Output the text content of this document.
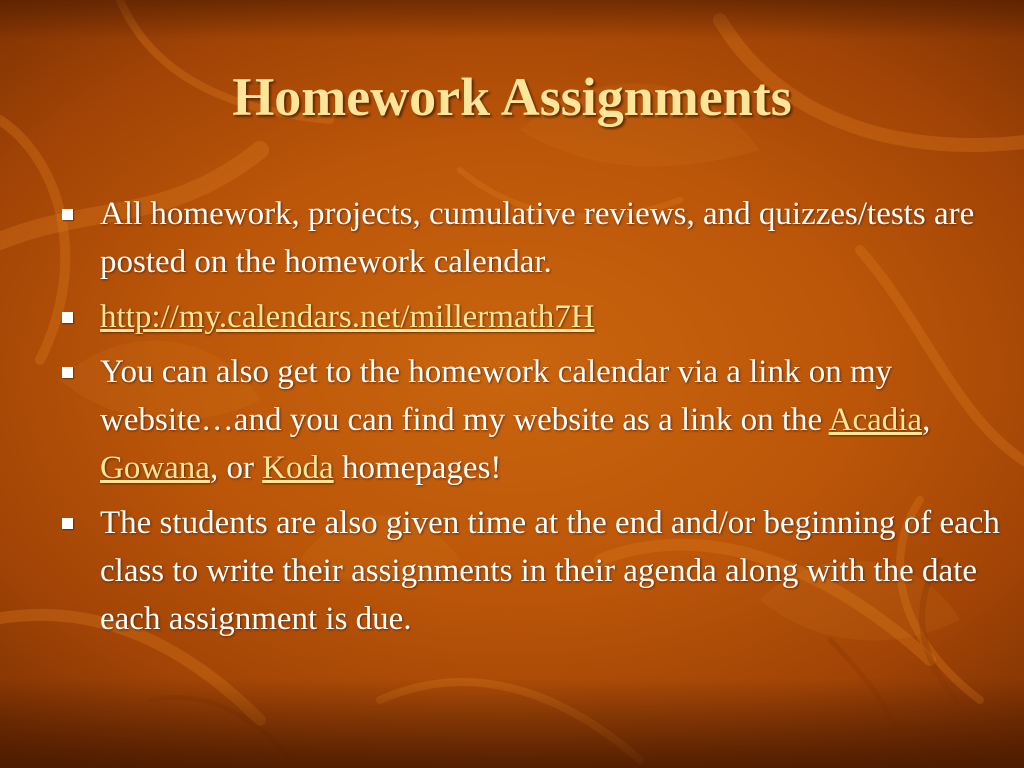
Homework Assignments
All homework, projects, cumulative reviews, and quizzes/tests are posted on the homework calendar.
http://my.calendars.net/millermath7H
You can also get to the homework calendar via a link on my website…and you can find my website as a link on the Acadia, Gowana, or Koda homepages!
The students are also given time at the end and/or beginning of each class to write their assignments in their agenda along with the date each assignment is due.
